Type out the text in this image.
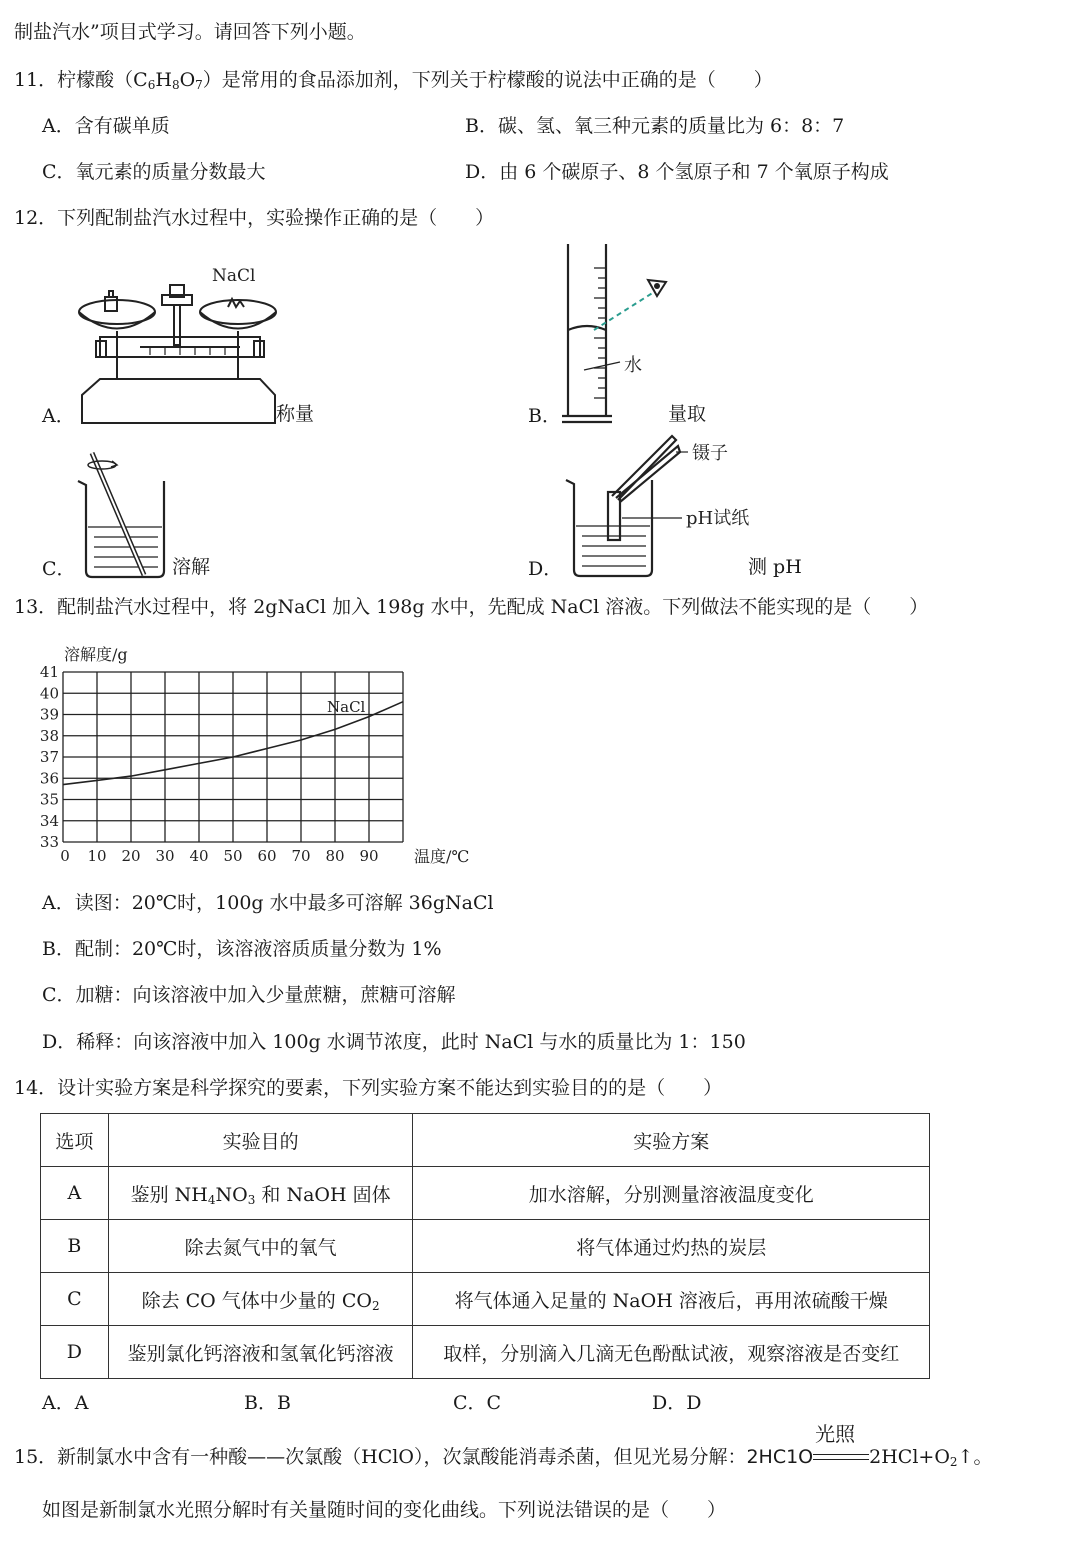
制盐汽水”项目式学习。请回答下列小题。
11．柠檬酸$(C_6H_8O_7)$是常用的食品添加剂，下列关于柠檬酸的说法中正确的是（　　）
A．含有碳单质	B．碳、氢、氧三种元素的质量比为 6：8：7
C．氧元素的质量分数最大	D．由 6 个碳原子、8 个氢原子和 7 个氧原子构成
12．下列配制盐汽水过程中，实验操作正确的是（　　）
NaCl
A．	称量
水
B．	量取
C．	溶解
镊子
pH试纸
D．	测 pH
13．配制盐汽水过程中，将 2gNaCl 加入 198g 水中，先配成 NaCl 溶液。下列做法不能实现的是（　　）
33
34
35
36
37
38
39
40
41
0 10 20 30 40 50 60 70 80 90
溶解度/g
温度/℃
NaCl
A．读图：20℃时，100g 水中最多可溶解 36gNaCl
B．配制：20℃时，该溶液溶质质量分数为 1%
C．加糖：向该溶液中加入少量蔗糖，蔗糖可溶解
D．稀释：向该溶液中加入 100g 水调节浓度，此时 NaCl 与水的质量比为 1：150
14．设计实验方案是科学探究的要素，下列实验方案不能达到实验目的的是（　　）
选项	实验目的	实验方案
A	鉴别 $NH_4NO_3$ 和 NaOH 固体	加水溶解，分别测量溶液温度变化
B	除去氮气中的氧气	将气体通过灼热的炭层
C	除去 CO 气体中少量的 $CO_2$	将气体通入足量的 NaOH 溶液后，再用浓硫酸干燥
D	鉴别氯化钙溶液和氢氧化钙溶液	取样，分别滴入几滴无色酚酞试液，观察溶液是否变红
A．A	B．B	C．C	D．D
15．新制氯水中含有一种酸——次氯酸（HClO），次氯酸能消毒杀菌，但见光易分解：2HC1O
光照
$2HCl+O_2↑$。
如图是新制氯水光照分解时有关量随时间的变化曲线。下列说法错误的是（　　）
